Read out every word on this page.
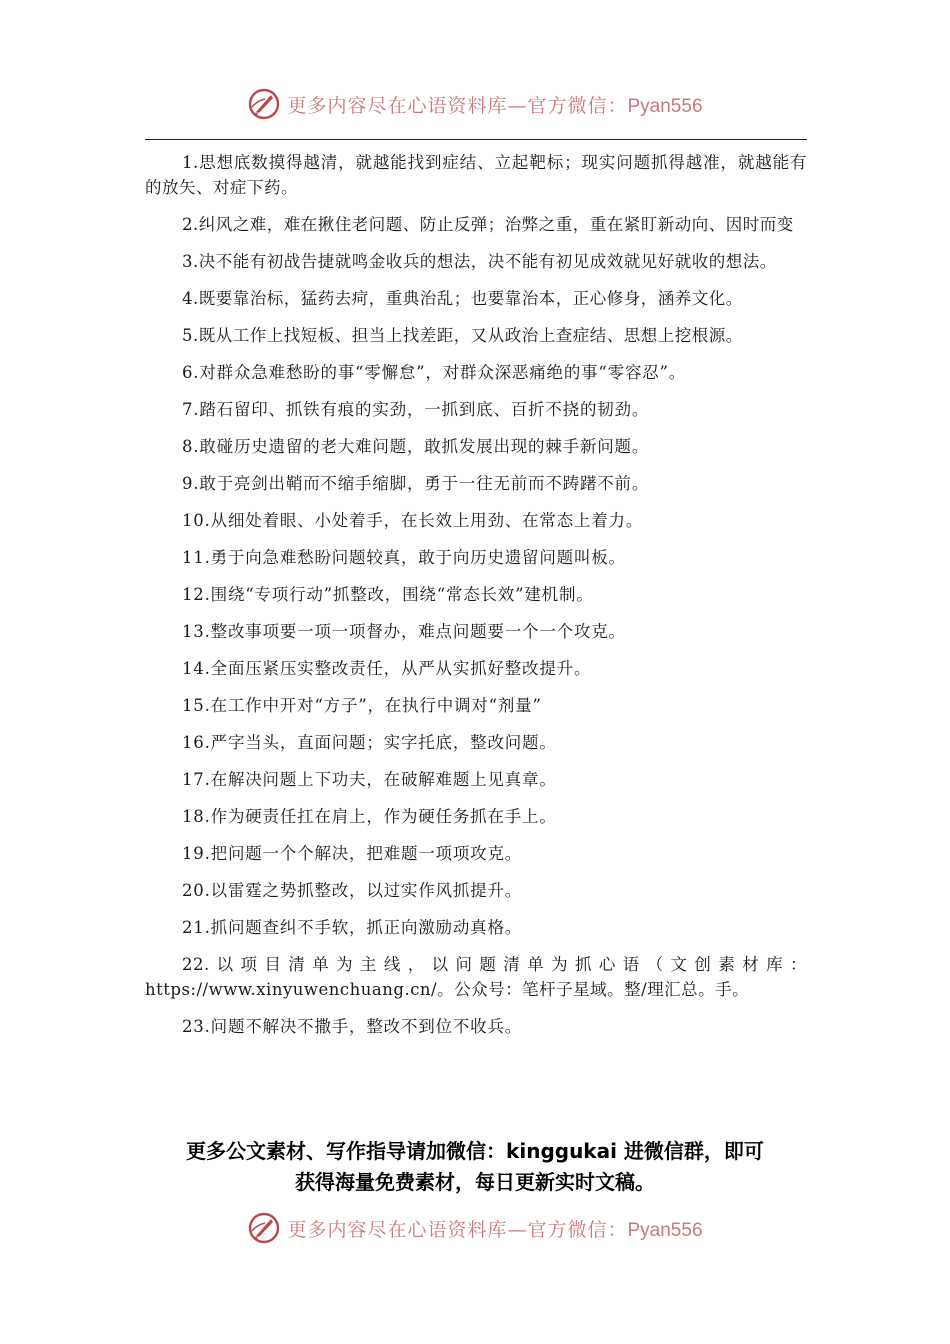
更多内容尽在心语资料库—官方微信：Pyan556

1.思想底数摸得越清，就越能找到症结、立起靶标；现实问题抓得越准，就越能有的放矢、对症下药。

2.纠风之难，难在揪住老问题、防止反弹；治弊之重，重在紧盯新动向、因时而变

3.决不能有初战告捷就鸣金收兵的想法，决不能有初见成效就见好就收的想法。

4.既要靠治标，猛药去疴，重典治乱；也要靠治本，正心修身，涵养文化。

5.既从工作上找短板、担当上找差距，又从政治上查症结、思想上挖根源。

6.对群众急难愁盼的事“零懈怠”，对群众深恶痛绝的事“零容忍”。

7.踏石留印、抓铁有痕的实劲，一抓到底、百折不挠的韧劲。

8.敢碰历史遗留的老大难问题，敢抓发展出现的棘手新问题。

9.敢于亮剑出鞘而不缩手缩脚，勇于一往无前而不踌躇不前。

10.从细处着眼、小处着手，在长效上用劲、在常态上着力。

11.勇于向急难愁盼问题较真，敢于向历史遗留问题叫板。

12.围绕“专项行动”抓整改，围绕“常态长效”建机制。

13.整改事项要一项一项督办，难点问题要一个一个攻克。

14.全面压紧压实整改责任，从严从实抓好整改提升。

15.在工作中开对“方子”，在执行中调对“剂量”

16.严字当头，直面问题；实字托底，整改问题。

17.在解决问题上下功夫，在破解难题上见真章。

18.作为硬责任扛在肩上，作为硬任务抓在手上。

19.把问题一个个解决，把难题一项项攻克。

20.以雷霆之势抓整改，以过实作风抓提升。

21.抓问题查纠不手软，抓正向激励动真格。

22.以项目清单为主线，以问题清单为抓心语（文创素材库：https://www.xinyuwenchuang.cn/。公众号：笔杆子星域。整/理汇总。手。

23.问题不解决不撒手，整改不到位不收兵。

更多公文素材、写作指导请加微信：kinggukai 进微信群，即可
获得海量免费素材，每日更新实时文稿。
更多内容尽在心语资料库—官方微信：Pyan556
